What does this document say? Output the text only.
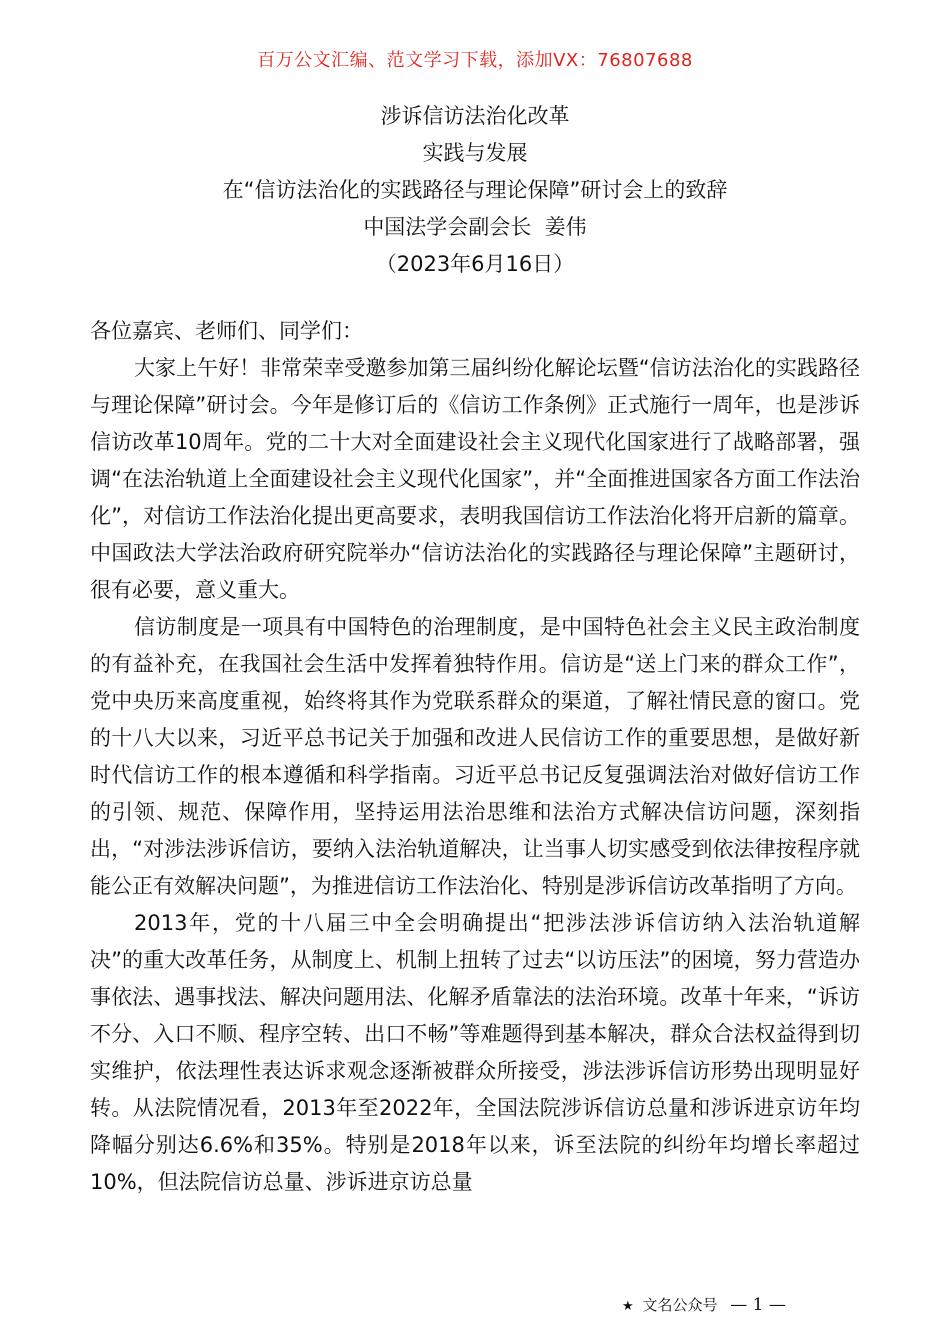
百万公文汇编、范文学习下载，添加VX：76807688
涉诉信访法治化改革
实践与发展
在“信访法治化的实践路径与理论保障”研讨会上的致辞
中国法学会副会长  姜伟
（2023年6月16日）
各位嘉宾、老师们、同学们：

大家上午好！非常荣幸受邀参加第三届纠纷化解论坛暨“信访法治化的实践路径与理论保障”研讨会。今年是修订后的《信访工作条例》正式施行一周年，也是涉诉信访改革10周年。党的二十大对全面建设社会主义现代化国家进行了战略部署，强调“在法治轨道上全面建设社会主义现代化国家”，并“全面推进国家各方面工作法治化”，对信访工作法治化提出更高要求，表明我国信访工作法治化将开启新的篇章。中国政法大学法治政府研究院举办“信访法治化的实践路径与理论保障”主题研讨，很有必要，意义重大。

信访制度是一项具有中国特色的治理制度，是中国特色社会主义民主政治制度的有益补充，在我国社会生活中发挥着独特作用。信访是“送上门来的群众工作”，党中央历来高度重视，始终将其作为党联系群众的渠道，了解社情民意的窗口。党的十八大以来，习近平总书记关于加强和改进人民信访工作的重要思想，是做好新时代信访工作的根本遵循和科学指南。习近平总书记反复强调法治对做好信访工作的引领、规范、保障作用，坚持运用法治思维和法治方式解决信访问题，深刻指出，“对涉法涉诉信访，要纳入法治轨道解决，让当事人切实感受到依法律按程序就能公正有效解决问题”，为推进信访工作法治化、特别是涉诉信访改革指明了方向。

2013年，党的十八届三中全会明确提出“把涉法涉诉信访纳入法治轨道解决”的重大改革任务，从制度上、机制上扭转了过去“以访压法”的困境，努力营造办事依法、遇事找法、解决问题用法、化解矛盾靠法的法治环境。改革十年来，“诉访不分、入口不顺、程序空转、出口不畅”等难题得到基本解决，群众合法权益得到切实维护，依法理性表达诉求观念逐渐被群众所接受，涉法涉诉信访形势出现明显好转。从法院情况看，2013年至2022年，全国法院涉诉信访总量和涉诉进京访年均降幅分别达6.6%和35%。特别是2018年以来，诉至法院的纠纷年均增长率超过10%，但法院信访总量、涉诉进京访总量

★ 文名公众号 — 1 —
